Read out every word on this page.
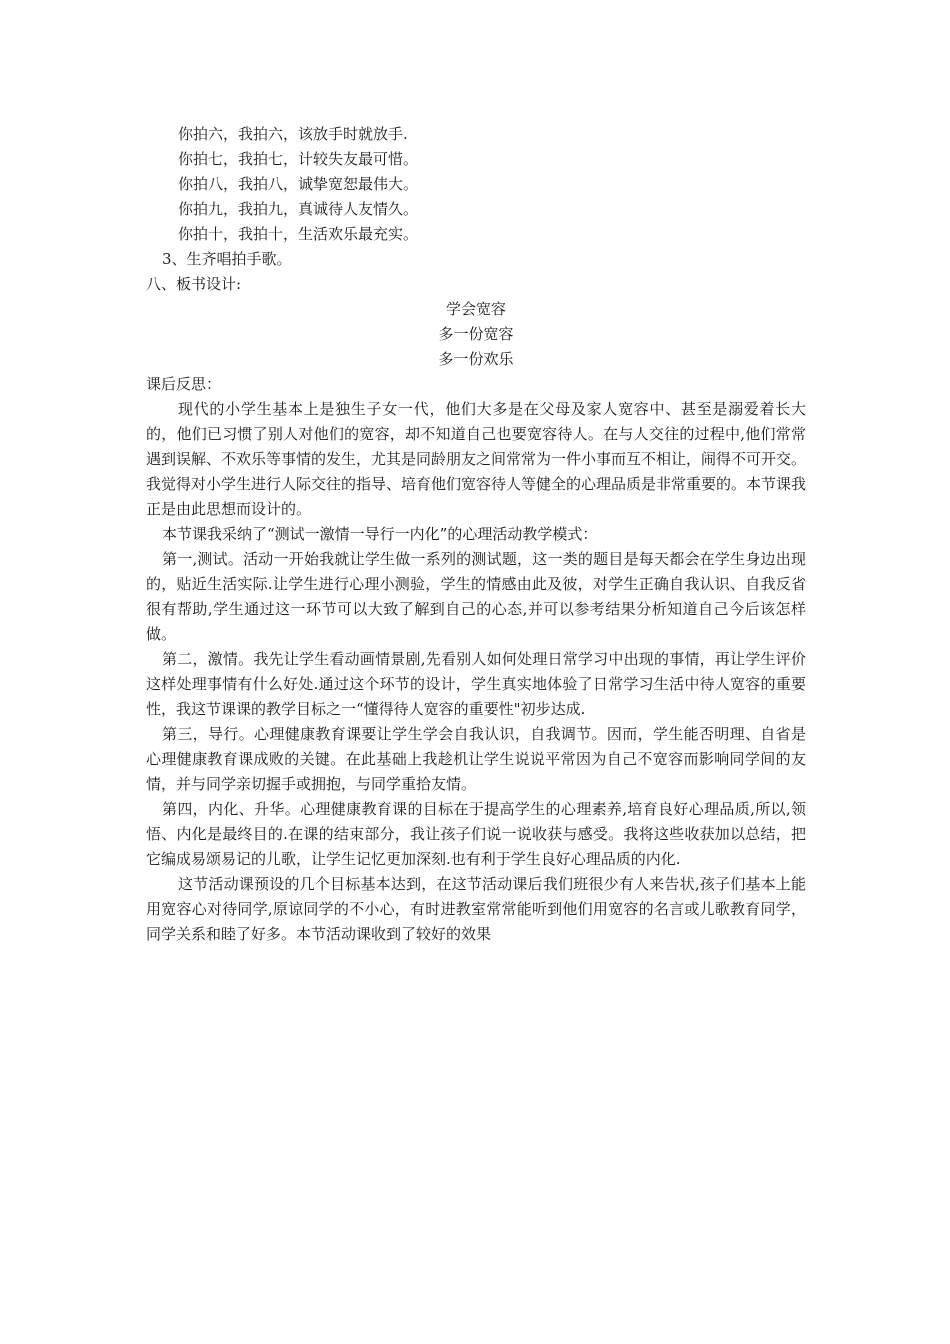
你拍六，我拍六，该放手时就放手.
你拍七，我拍七，计较失友最可惜。
你拍八，我拍八，诚挚宽恕最伟大。
你拍九，我拍九，真诚待人友情久。
你拍十，我拍十，生活欢乐最充实。
3、生齐唱拍手歌。
八、板书设计:
学会宽容
多一份宽容
多一份欢乐
课后反思：
现代的小学生基本上是独生子女一代，他们大多是在父母及家人宽容中、甚至是溺爱着长大的，他们已习惯了别人对他们的宽容，却不知道自己也要宽容待人。在与人交往的过程中,他们常常遇到误解、不欢乐等事情的发生，尤其是同龄朋友之间常常为一件小事而互不相让，闹得不可开交。我觉得对小学生进行人际交往的指导、培育他们宽容待人等健全的心理品质是非常重要的。本节课我正是由此思想而设计的。
本节课我采纳了“测试一激情一导行一内化”的心理活动教学模式：
第一,测试。活动一开始我就让学生做一系列的测试题，这一类的题目是每天都会在学生身边出现的，贴近生活实际.让学生进行心理小测验，学生的情感由此及彼，对学生正确自我认识、自我反省很有帮助,学生通过这一环节可以大致了解到自己的心态,并可以参考结果分析知道自己今后该怎样做。
第二，激情。我先让学生看动画情景剧,先看别人如何处理日常学习中出现的事情，再让学生评价这样处理事情有什么好处.通过这个环节的设计，学生真实地体验了日常学习生活中待人宽容的重要性，我这节课课的教学目标之一“懂得待人宽容的重要性"初步达成.
第三，导行。心理健康教育课要让学生学会自我认识，自我调节。因而，学生能否明理、自省是心理健康教育课成败的关键。在此基础上我趁机让学生说说平常因为自己不宽容而影响同学间的友情，并与同学亲切握手或拥抱，与同学重拾友情。
第四，内化、升华。心理健康教育课的目标在于提高学生的心理素养,培育良好心理品质,所以,领悟、内化是最终目的.在课的结束部分，我让孩子们说一说收获与感受。我将这些收获加以总结，把它编成易颂易记的儿歌，让学生记忆更加深刻.也有利于学生良好心理品质的内化.
这节活动课预设的几个目标基本达到，在这节活动课后我们班很少有人来告状,孩子们基本上能用宽容心对待同学,原谅同学的不小心，有时进教室常常能听到他们用宽容的名言或儿歌教育同学，同学关系和睦了好多。本节活动课收到了较好的效果
